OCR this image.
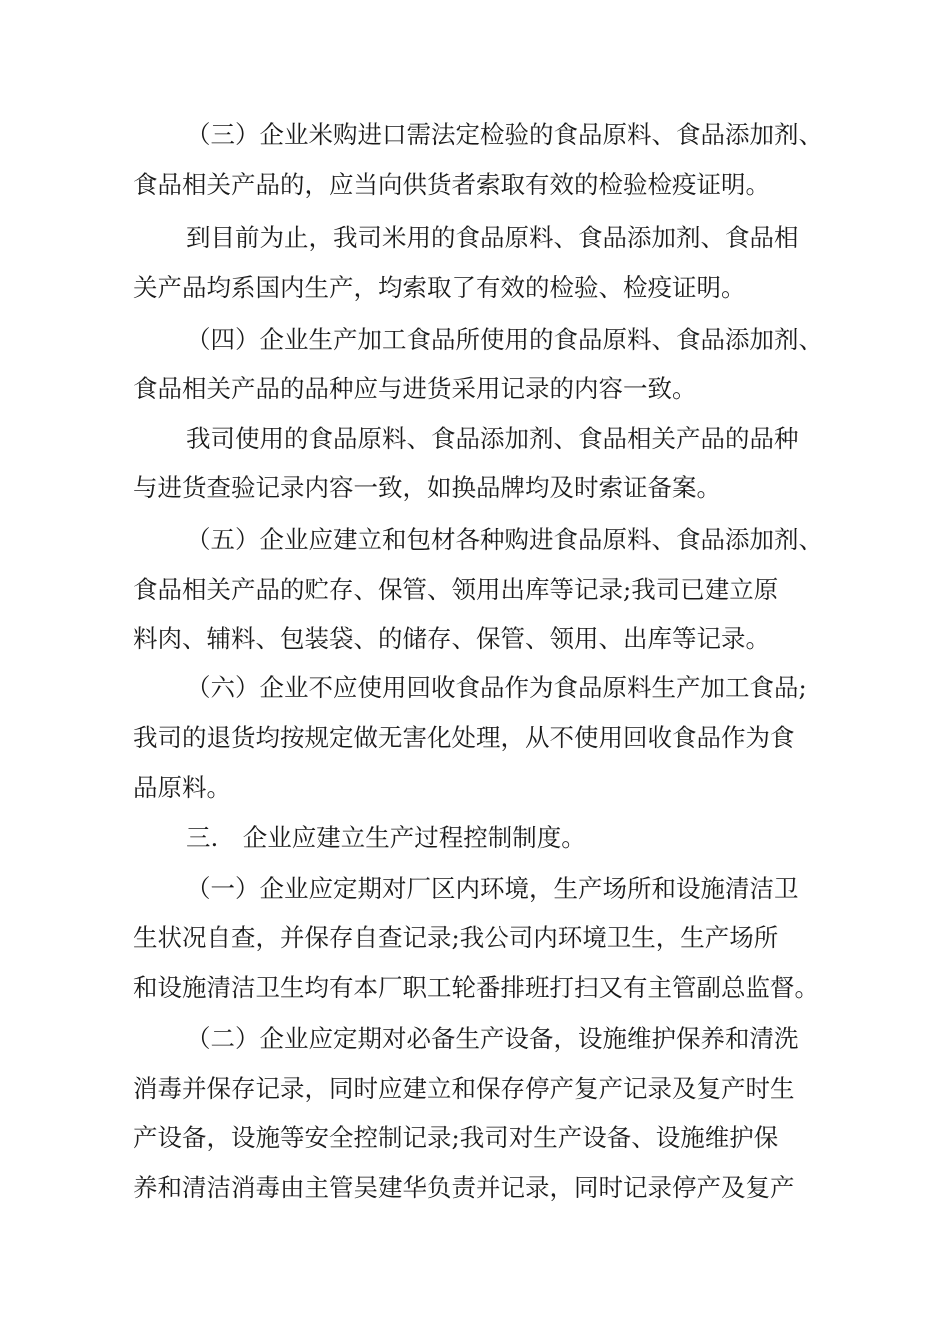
（三）企业米购进口需法定检验的食品原料、食品添加剂、
食品相关产品的，应当向供货者索取有效的检验检疫证明。
到目前为止，我司米用的食品原料、食品添加剂、食品相
关产品均系国内生产，均索取了有效的检验、检疫证明。
（四）企业生产加工食品所使用的食品原料、食品添加剂、
食品相关产品的品种应与进货采用记录的内容一致。
我司使用的食品原料、食品添加剂、食品相关产品的品种
与进货查验记录内容一致，如换品牌均及时索证备案。
（五）企业应建立和包材各种购进食品原料、食品添加剂、
食品相关产品的贮存、保管、领用出库等记录;我司已建立原
料肉、辅料、包装袋、的储存、保管、领用、出库等记录。
（六）企业不应使用回收食品作为食品原料生产加工食品;
我司的退货均按规定做无害化处理，从不使用回收食品作为食
品原料。
三.　企业应建立生产过程控制制度。
（一）企业应定期对厂区内环境，生产场所和设施清洁卫
生状况自查，并保存自查记录;我公司内环境卫生，生产场所
和设施清洁卫生均有本厂职工轮番排班打扫又有主管副总监督。
（二）企业应定期对必备生产设备，设施维护保养和清洗
消毒并保存记录，同时应建立和保存停产复产记录及复产时生
产设备，设施等安全控制记录;我司对生产设备、设施维护保
养和清洁消毒由主管吴建华负责并记录，同时记录停产及复产
